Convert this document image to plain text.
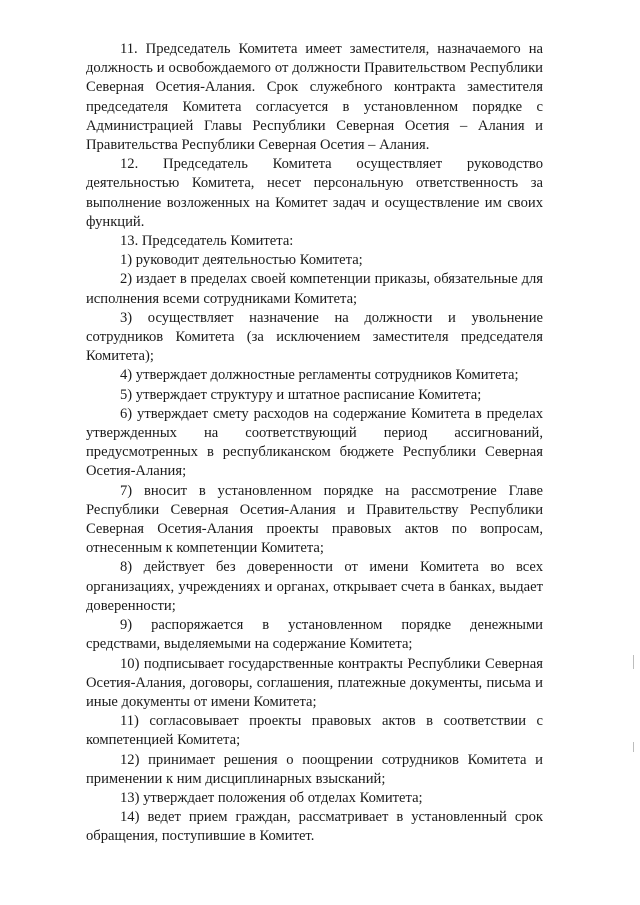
11. Председатель Комитета имеет заместителя, назначаемого на должность и освобождаемого от должности Правительством Республики Северная Осетия-Алания. Срок служебного контракта заместителя председателя Комитета согласуется в установленном порядке с Администрацией Главы Республики Северная Осетия – Алания и Правительства Республики Северная Осетия – Алания.

12. Председатель Комитета осуществляет руководство деятельностью Комитета, несет персональную ответственность за выполнение возложенных на Комитет задач и осуществление им своих функций.

13. Председатель Комитета:

1) руководит деятельностью Комитета;

2) издает в пределах своей компетенции приказы, обязательные для исполнения всеми сотрудниками Комитета;

3) осуществляет назначение на должности и увольнение сотрудников Комитета (за исключением заместителя председателя Комитета);

4) утверждает должностные регламенты сотрудников Комитета;

5) утверждает структуру и штатное расписание Комитета;

6) утверждает смету расходов на содержание Комитета в пределах утвержденных на соответствующий период ассигнований, предусмотренных в республиканском бюджете Республики Северная Осетия-Алания;

7) вносит в установленном порядке на рассмотрение Главе Республики Северная Осетия-Алания и Правительству Республики Северная Осетия-Алания проекты правовых актов по вопросам, отнесенным к компетенции Комитета;

8) действует без доверенности от имени Комитета во всех организациях, учреждениях и органах, открывает счета в банках, выдает доверенности;

9) распоряжается в установленном порядке денежными средствами, выделяемыми на содержание Комитета;

10) подписывает государственные контракты Республики Северная Осетия-Алания, договоры, соглашения, платежные документы, письма и иные документы от имени Комитета;

11) согласовывает проекты правовых актов в соответствии с компетенцией Комитета;

12) принимает решения о поощрении сотрудников Комитета и применении к ним дисциплинарных взысканий;

13) утверждает положения об отделах Комитета;

14) ведет прием граждан, рассматривает в установленный срок обращения, поступившие в Комитет.
